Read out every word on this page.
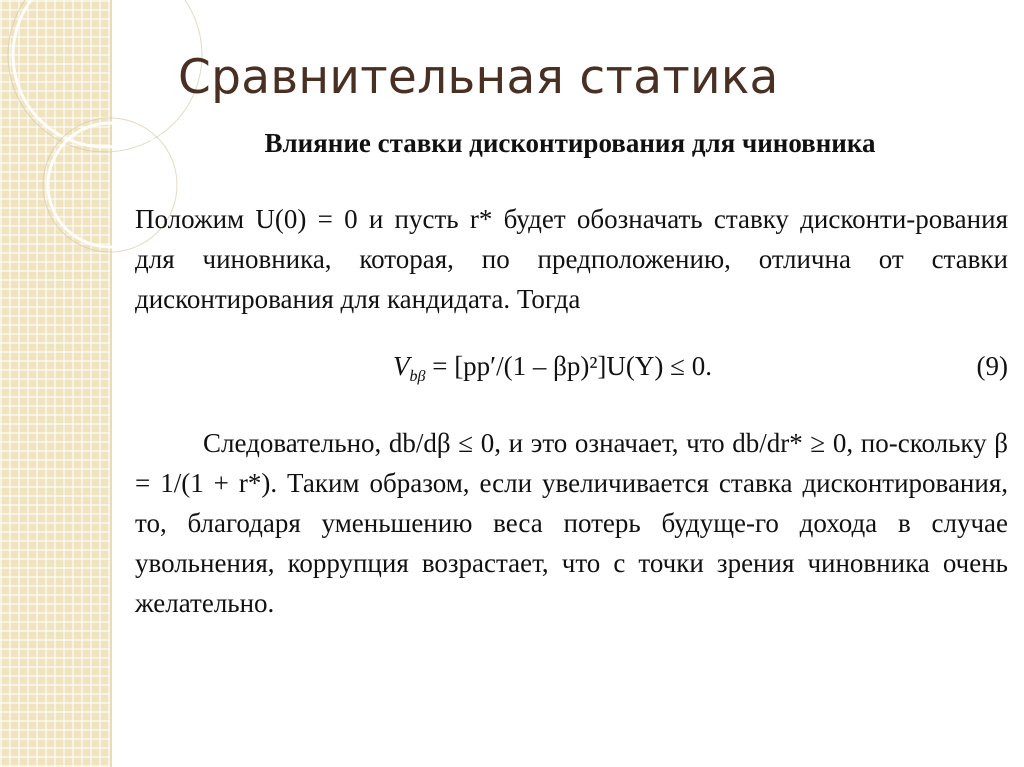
Сравнительная статика
Влияние ставки дисконтирования для чиновника

Положим U(0) = 0 и пусть r* будет обозначать ставку дисконти-рования для чиновника, которая, по предположению, отлична от ставки дисконтирования для кандидата. Тогда

$V_{b\beta} = [pp'/(1 - \beta p)^2]U(Y) \le 0$.	(9)

Следовательно, db/dβ ≤ 0, и это означает, что db/dr* ≥ 0, по-скольку β = 1/(1 + r*). Таким образом, если увеличивается ставка дисконтирования, то, благодаря уменьшению веса потерь будуще-го дохода в случае увольнения, коррупция возрастает, что с точки зрения чиновника очень желательно.
